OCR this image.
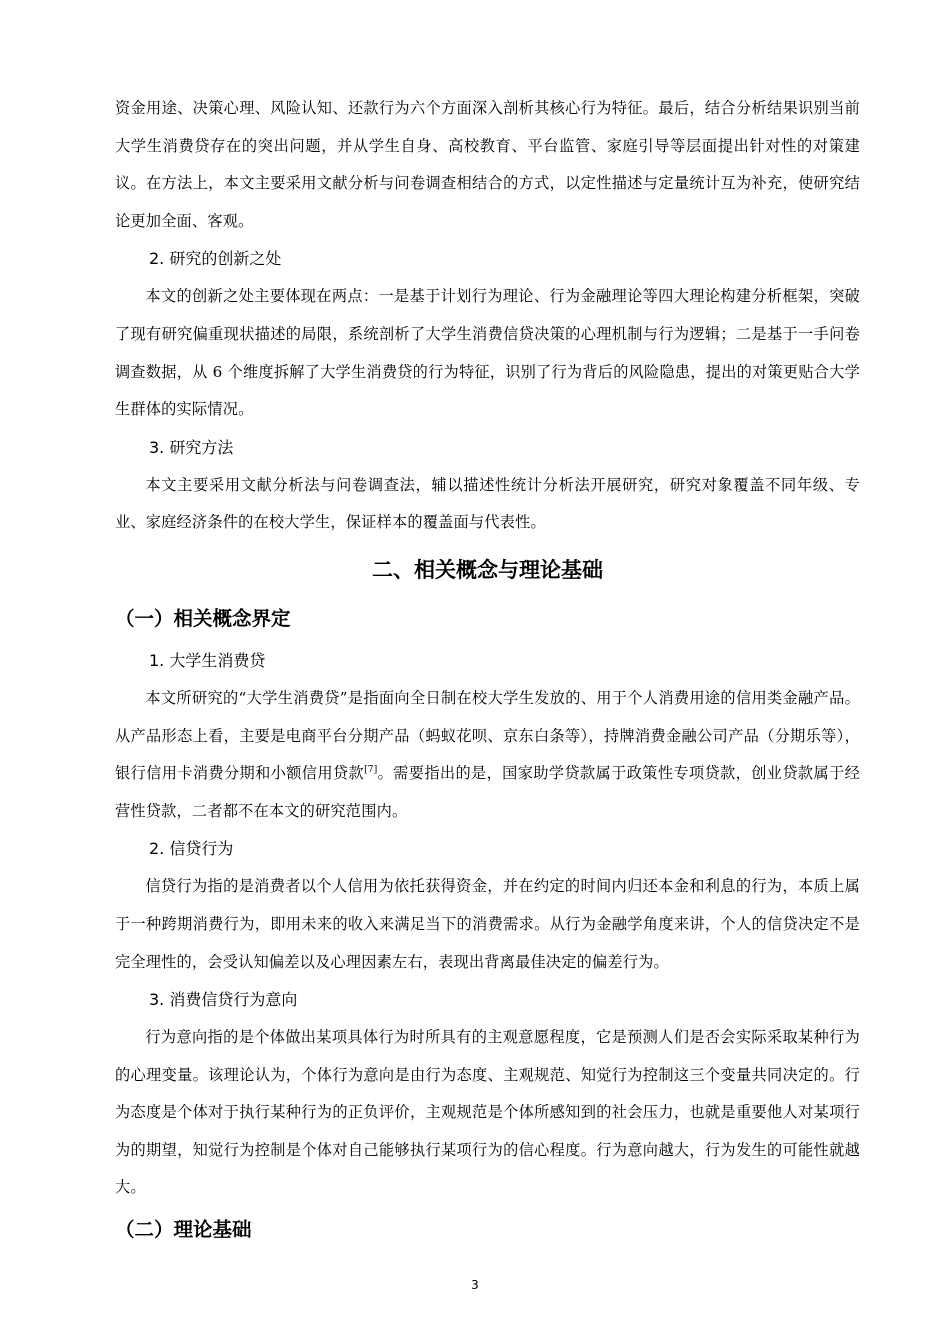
资金用途、决策心理、风险认知、还款行为六个方面深入剖析其核心行为特征。最后，结合分析结果识别当前大学生消费贷存在的突出问题，并从学生自身、高校教育、平台监管、家庭引导等层面提出针对性的对策建议。在方法上，本文主要采用文献分析与问卷调查相结合的方式，以定性描述与定量统计互为补充，使研究结论更加全面、客观。

2. 研究的创新之处

本文的创新之处主要体现在两点：一是基于计划行为理论、行为金融理论等四大理论构建分析框架，突破了现有研究偏重现状描述的局限，系统剖析了大学生消费信贷决策的心理机制与行为逻辑；二是基于一手问卷调查数据，从 6 个维度拆解了大学生消费贷的行为特征，识别了行为背后的风险隐患，提出的对策更贴合大学生群体的实际情况。

3. 研究方法

本文主要采用文献分析法与问卷调查法，辅以描述性统计分析法开展研究，研究对象覆盖不同年级、专业、家庭经济条件的在校大学生，保证样本的覆盖面与代表性。

二、相关概念与理论基础
（一）相关概念界定
1. 大学生消费贷

本文所研究的“大学生消费贷”是指面向全日制在校大学生发放的、用于个人消费用途的信用类金融产品。从产品形态上看，主要是电商平台分期产品（蚂蚁花呗、京东白条等），持牌消费金融公司产品（分期乐等），银行信用卡消费分期和小额信用贷款[7]。需要指出的是，国家助学贷款属于政策性专项贷款，创业贷款属于经营性贷款，二者都不在本文的研究范围内。

2. 信贷行为

信贷行为指的是消费者以个人信用为依托获得资金，并在约定的时间内归还本金和利息的行为，本质上属于一种跨期消费行为，即用未来的收入来满足当下的消费需求。从行为金融学角度来讲，个人的信贷决定不是完全理性的，会受认知偏差以及心理因素左右，表现出背离最佳决定的偏差行为。

3. 消费信贷行为意向

行为意向指的是个体做出某项具体行为时所具有的主观意愿程度，它是预测人们是否会实际采取某种行为的心理变量。该理论认为，个体行为意向是由行为态度、主观规范、知觉行为控制这三个变量共同决定的。行为态度是个体对于执行某种行为的正负评价，主观规范是个体所感知到的社会压力，也就是重要他人对某项行为的期望，知觉行为控制是个体对自己能够执行某项行为的信心程度。行为意向越大，行为发生的可能性就越大。

（二）理论基础
3
